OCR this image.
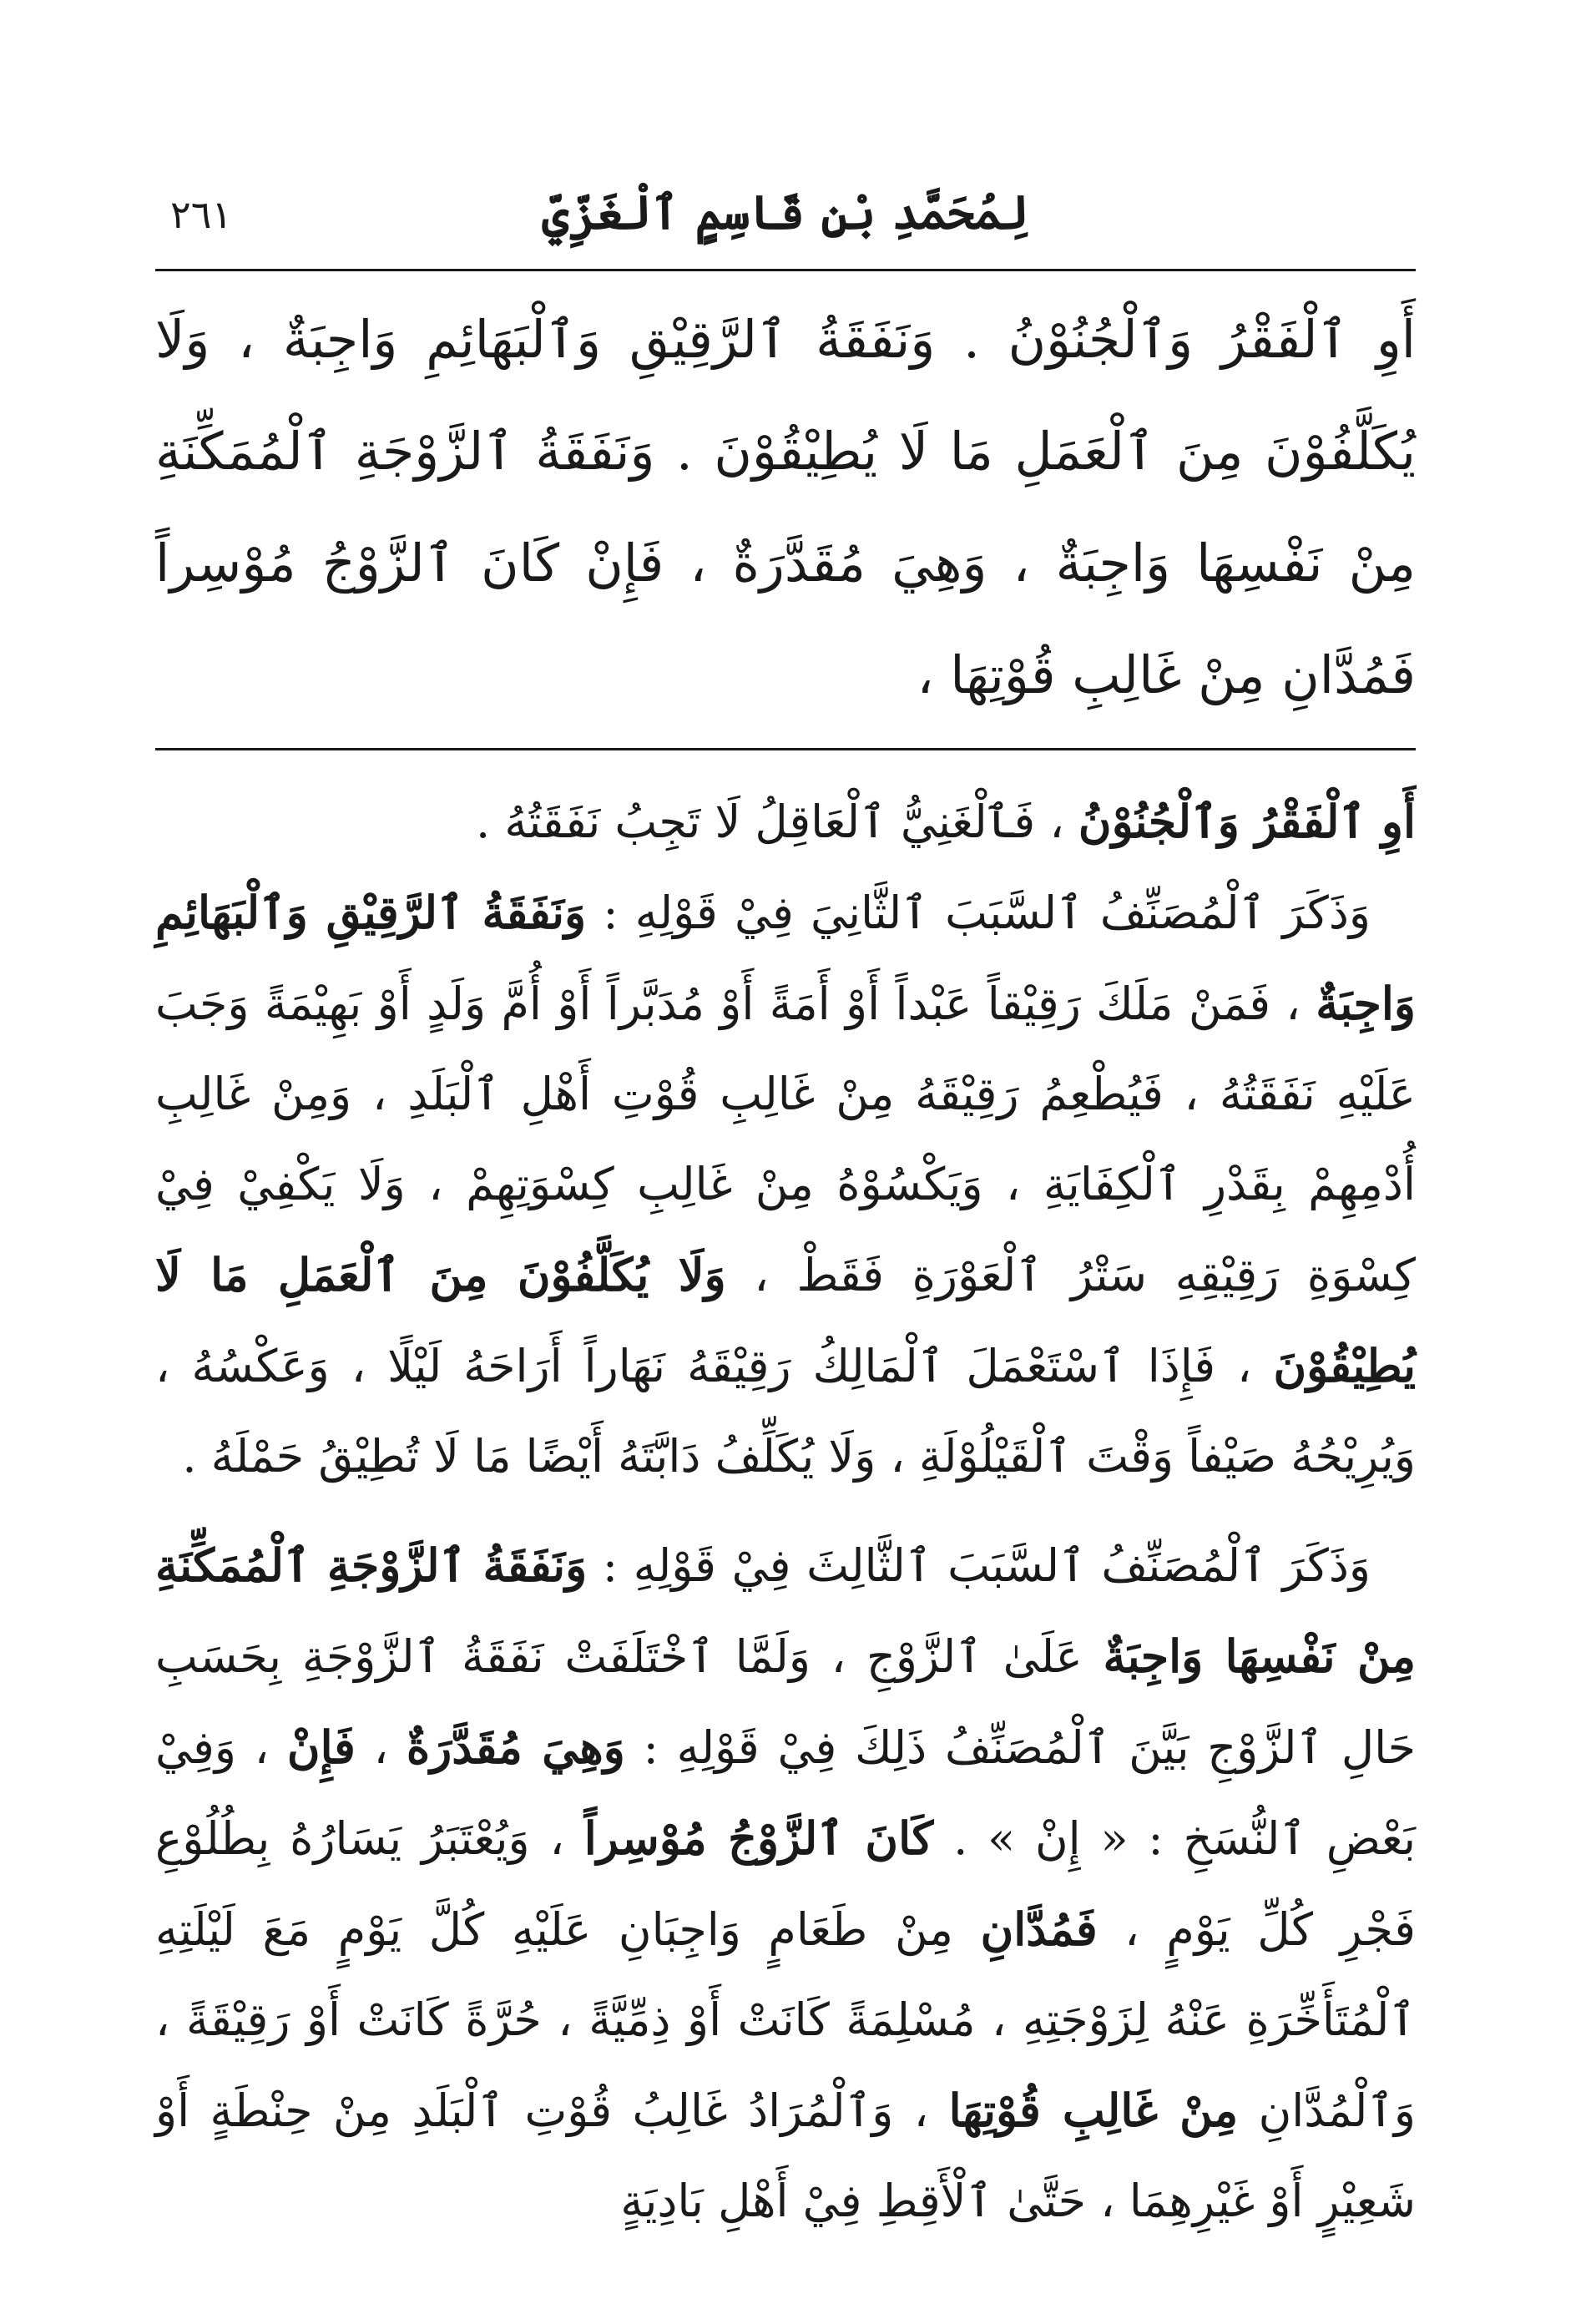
٢٦١	لِمُحَمَّدِ بْنِ قَاسِمٍ ٱلْغَزِّيِّ
أَوِ ٱلْفَقْرُ وَٱلْجُنُوْنُ . وَنَفَقَةُ ٱلرَّقِيْقِ وَٱلْبَهَائِمِ وَاجِبَةٌ ، وَلَا يُكَلَّفُوْنَ مِنَ ٱلْعَمَلِ مَا لَا يُطِيْقُوْنَ . وَنَفَقَةُ ٱلزَّوْجَةِ ٱلْمُمَكِّنَةِ مِنْ نَفْسِهَا وَاجِبَةٌ ، وَهِيَ مُقَدَّرَةٌ ، فَإِنْ كَانَ ٱلزَّوْجُ مُوْسِراً فَمُدَّانِ مِنْ غَالِبِ قُوْتِهَا ،

أَوِ ٱلْفَقْرُ وَٱلْجُنُوْنُ ، فَٱلْغَنِيُّ ٱلْعَاقِلُ لَا تَجِبُ نَفَقَتُهُ .

وَذَكَرَ ٱلْمُصَنِّفُ ٱلسَّبَبَ ٱلثَّانِيَ فِيْ قَوْلِهِ : وَنَفَقَةُ ٱلرَّقِيْقِ وَٱلْبَهَائِمِ وَاجِبَةٌ ، فَمَنْ مَلَكَ رَقِيْقاً عَبْداً أَوْ أَمَةً أَوْ مُدَبَّراً أَوْ أُمَّ وَلَدٍ أَوْ بَهِيْمَةً وَجَبَ عَلَيْهِ نَفَقَتُهُ ، فَيُطْعِمُ رَقِيْقَهُ مِنْ غَالِبِ قُوْتِ أَهْلِ ٱلْبَلَدِ ، وَمِنْ غَالِبِ أُدْمِهِمْ بِقَدْرِ ٱلْكِفَايَةِ ، وَيَكْسُوْهُ مِنْ غَالِبِ كِسْوَتِهِمْ ، وَلَا يَكْفِيْ فِيْ كِسْوَةِ رَقِيْقِهِ سَتْرُ ٱلْعَوْرَةِ فَقَطْ ، وَلَا يُكَلَّفُوْنَ مِنَ ٱلْعَمَلِ مَا لَا يُطِيْقُوْنَ ، فَإِذَا ٱسْتَعْمَلَ ٱلْمَالِكُ رَقِيْقَهُ نَهَاراً أَرَاحَهُ لَيْلًا ، وَعَكْسُهُ ، وَيُرِيْحُهُ صَيْفاً وَقْتَ ٱلْقَيْلُوْلَةِ ، وَلَا يُكَلِّفُ دَابَّتَهُ أَيْضًا مَا لَا تُطِيْقُ حَمْلَهُ .

وَذَكَرَ ٱلْمُصَنِّفُ ٱلسَّبَبَ ٱلثَّالِثَ فِيْ قَوْلِهِ : وَنَفَقَةُ ٱلزَّوْجَةِ ٱلْمُمَكِّنَةِ مِنْ نَفْسِهَا وَاجِبَةٌ عَلَىٰ ٱلزَّوْجِ ، وَلَمَّا ٱخْتَلَفَتْ نَفَقَةُ ٱلزَّوْجَةِ بِحَسَبِ حَالِ ٱلزَّوْجِ بَيَّنَ ٱلْمُصَنِّفُ ذَلِكَ فِيْ قَوْلِهِ : وَهِيَ مُقَدَّرَةٌ ، فَإِنْ ، وَفِيْ بَعْضِ ٱلنُّسَخِ : « إِنْ » . كَانَ ٱلزَّوْجُ مُوْسِراً ، وَيُعْتَبَرُ يَسَارُهُ بِطُلُوْعِ فَجْرِ كُلِّ يَوْمٍ ، فَمُدَّانِ مِنْ طَعَامٍ وَاجِبَانِ عَلَيْهِ كُلَّ يَوْمٍ مَعَ لَيْلَتِهِ ٱلْمُتَأَخِّرَةِ عَنْهُ لِزَوْجَتِهِ ، مُسْلِمَةً كَانَتْ أَوْ ذِمِّيَّةً ، حُرَّةً كَانَتْ أَوْ رَقِيْقَةً ، وَٱلْمُدَّانِ مِنْ غَالِبِ قُوْتِهَا ، وَٱلْمُرَادُ غَالِبُ قُوْتِ ٱلْبَلَدِ مِنْ حِنْطَةٍ أَوْ شَعِيْرٍ أَوْ غَيْرِهِمَا ، حَتَّىٰ ٱلْأَقِطِ فِيْ أَهْلِ بَادِيَةٍ
